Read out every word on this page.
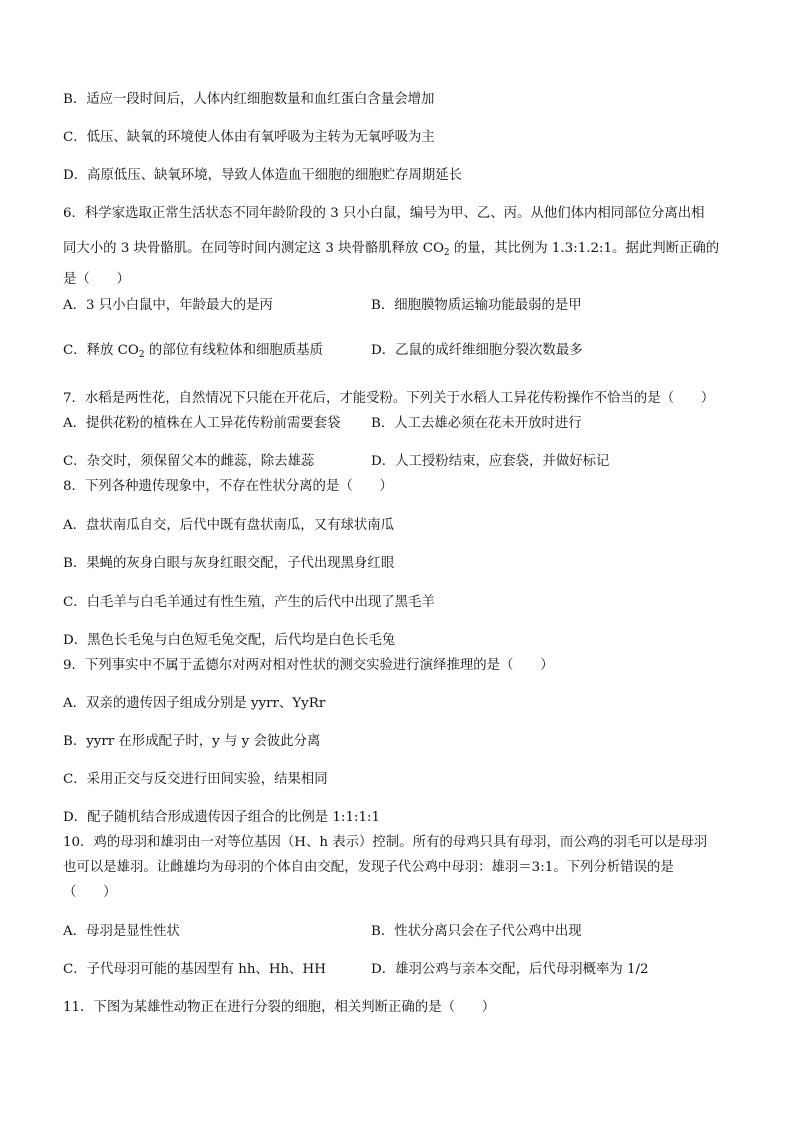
B．适应一段时间后，人体内红细胞数量和血红蛋白含量会增加
C．低压、缺氧的环境使人体由有氧呼吸为主转为无氧呼吸为主
D．高原低压、缺氧环境，导致人体造血干细胞的细胞贮存周期延长
6．科学家选取正常生活状态不同年龄阶段的 3 只小白鼠，编号为甲、乙、丙。从他们体内相同部位分离出相
同大小的 3 块骨骼肌。在同等时间内测定这 3 块骨骼肌释放 $CO_2$ 的量，其比例为 1.3:1.2:1。据此判断正确的
是（　　）
A．3 只小白鼠中，年龄最大的是丙	B．细胞膜物质运输功能最弱的是甲
C．释放 $CO_2$ 的部位有线粒体和细胞质基质	D．乙鼠的成纤维细胞分裂次数最多
7．水稻是两性花，自然情况下只能在开花后，才能受粉。下列关于水稻人工异花传粉操作不恰当的是（　　）
A．提供花粉的植株在人工异花传粉前需要套袋 B．人工去雄必须在花未开放时进行
C．杂交时，须保留父本的雌蕊，除去雄蕊	D．人工授粉结束，应套袋，并做好标记
8．下列各种遗传现象中，不存在性状分离的是（　　）
A．盘状南瓜自交，后代中既有盘状南瓜，又有球状南瓜
B．果蝇的灰身白眼与灰身红眼交配，子代出现黑身红眼
C．白毛羊与白毛羊通过有性生殖，产生的后代中出现了黑毛羊
D．黑色长毛兔与白色短毛兔交配，后代均是白色长毛兔
9．下列事实中不属于孟德尔对两对相对性状的测交实验进行演绎推理的是（　　）
A．双亲的遗传因子组成分别是 yyrr、YyRr
B．yyrr 在形成配子时，y 与 y 会彼此分离
C．采用正交与反交进行田间实验，结果相同
D．配子随机结合形成遗传因子组合的比例是 1:1:1:1
10．鸡的母羽和雄羽由一对等位基因（H、h 表示）控制。所有的母鸡只具有母羽，而公鸡的羽毛可以是母羽
也可以是雄羽。让雌雄均为母羽的个体自由交配，发现子代公鸡中母羽：雄羽＝3:1。下列分析错误的是
（　　）
A．母羽是显性性状	B．性状分离只会在子代公鸡中出现
C．子代母羽可能的基因型有 hh、Hh、HH	D．雄羽公鸡与亲本交配，后代母羽概率为 1/2
11．下图为某雄性动物正在进行分裂的细胞，相关判断正确的是（　　）
